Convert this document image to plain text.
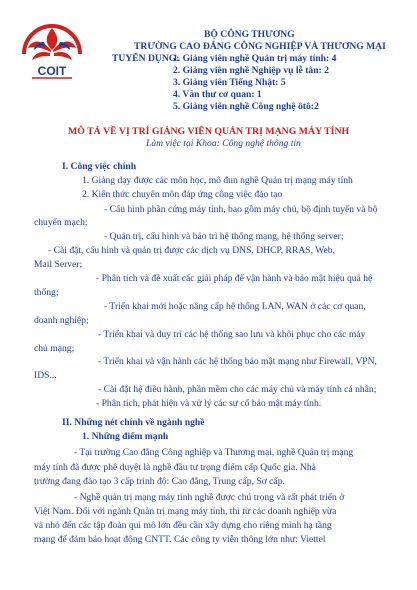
COIT
BỘ CÔNG THƯƠNG
TRƯỜNG CAO ĐẲNG CÔNG NGHIỆP VÀ THƯƠNG MẠI
TUYỂN DỤNG:
1. Giảng viên nghề Quản trị máy tính: 4
2. Giảng viên nghề Nghiệp vụ lễ tân: 2
3. Giảng viên Tiếng Nhật: 5
4. Văn thư cơ quan: 1
5. Giảng viên nghề Công nghệ ôtô:2
MÔ TẢ VỀ VỊ TRÍ GIẢNG VIÊN QUẢN TRỊ MẠNG MÁY TÍNH
Làm việc tại Khoa: Công nghệ thông tin
I. Công việc chính
1. Giảng dạy được các môn học, mô đun nghề Quản trị mạng máy tính
2. Kiến thức chuyên môn đáp ứng công việc đào tạo
- Cấu hình phần cứng máy tính, bao gồm máy chủ, bộ định tuyến và bộ
chuyển mạch;
- Quản trị, cấu hình và bảo trì hệ thống mạng, hệ thống server;
- Cài đặt, cấu hình và quản trị được các dịch vụ DNS, DHCP, RRAS, Web,
Mail Server;
- Phân tích và đề xuất các giải pháp để vận hành và bảo mật hiệu quả hệ
thống;
- Triển khai mới hoặc nâng cấp hệ thống LAN, WAN ở các cơ quan,
doanh nghiệp;
- Triển khai và duy trì các hệ thống sao lưu và khôi phục cho các máy
chủ mạng;
- Triển khai và vận hành các hệ thống bảo mật mạng như Firewall, VPN,
IDS...
- Cài đặt hệ điều hành, phần mềm cho các máy chủ và máy tính cá nhân;
- Phân tích, phát hiện và xử lý các sự cố bảo mật máy tính.
II. Những nét chính về ngành nghề
1. Những điểm mạnh
- Tại trường Cao đẳng Công nghiệp và Thương mại, nghề Quản trị mạng
máy tính đã được phê duyệt là nghề đầu tư trọng điểm cấp Quốc gia. Nhà
trường đang đào tạo 3 cấp trình độ: Cao đẳng, Trung cấp, Sơ cấp.
- Nghề quản trị mạng máy tính nghề được chú trọng và rất phát triển ở
Việt Nam. Đối với ngành Quản trị mạng máy tính, thì từ các doanh nghiệp vừa
và nhỏ đến các tập đoàn qui mô lớn đều cần xây dựng cho riêng mình hạ tầng
mạng để đảm bảo hoạt động CNTT. Các công ty viễn thông lớn như: Viettel
